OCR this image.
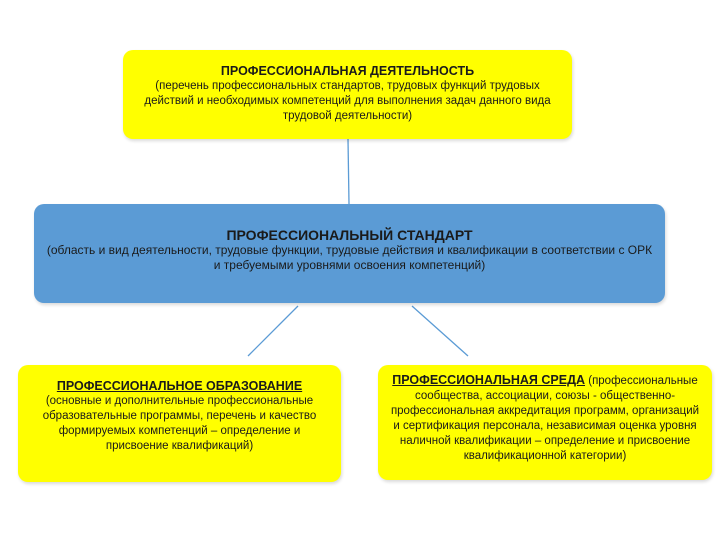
ПРОФЕССИОНАЛЬНАЯ ДЕЯТЕЛЬНОСТЬ
(перечень профессиональных стандартов, трудовых функций трудовых действий и необходимых компетенций для выполнения задач данного вида трудовой деятельности)
ПРОФЕССИОНАЛЬНЫЙ СТАНДАРТ
(область и вид деятельности, трудовые функции, трудовые действия и квалификации в соответствии с ОРК и требуемыми уровнями освоения компетенций)
ПРОФЕССИОНАЛЬНОЕ ОБРАЗОВАНИЕ
(основные и дополнительные профессиональные образовательные программы, перечень и качество формируемых компетенций – определение и присвоение квалификаций)
ПРОФЕССИОНАЛЬНАЯ СРЕДА (профессиональные сообщества, ассоциации, союзы - общественно-профессиональная аккредитация программ, организаций и сертификация персонала, независимая оценка уровня наличной квалификации – определение и присвоение квалификационной категории)
